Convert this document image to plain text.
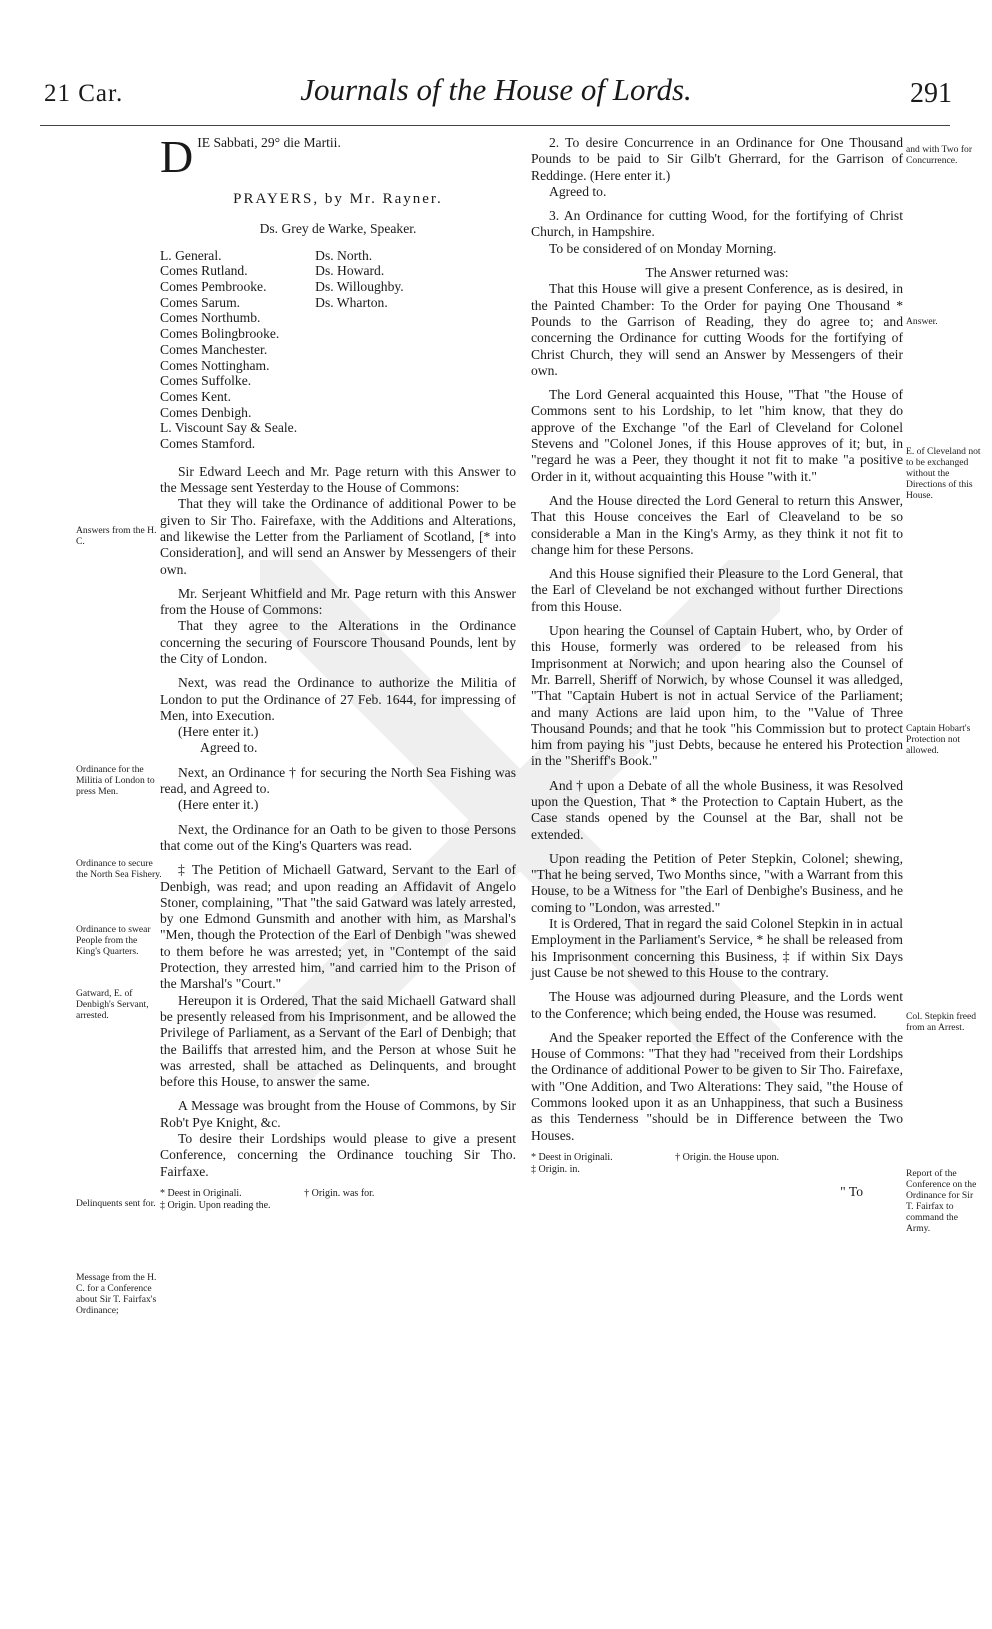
21 Car.	Journals of the House of Lords.	291
Answers from the H. C.
Ordinance for the Militia of London to press Men.
Ordinance to secure the North Sea Fishery.
Ordinance to swear People from the King's Quarters.
Gatward, E. of Denbigh's Servant, arrested.
Delinquents sent for.
Message from the H. C. for a Conference about Sir T. Fairfax's Ordinance;

D IE Sabbati, 29° die Martii.

PRAYERS, by Mr. Rayner.

Ds. Grey de Warke, Speaker.

L. General.
Comes Rutland.
Comes Pembrooke.
Comes Sarum.
Comes Northumb.
Comes Bolingbrooke.
Comes Manchester.
Comes Nottingham.
Comes Suffolke.
Comes Kent.
Comes Denbigh.
L. Viscount Say & Seale.
Comes Stamford.
Ds. North.
Ds. Howard.
Ds. Willoughby.
Ds. Wharton.

Sir Edward Leech and Mr. Page return with this Answer to the Message sent Yesterday to the House of Commons:

That they will take the Ordinance of additional Power to be given to Sir Tho. Fairefaxe, with the Additions and Alterations, and likewise the Letter from the Parliament of Scotland, [* into Consideration], and will send an Answer by Messengers of their own.

Mr. Serjeant Whitfield and Mr. Page return with this Answer from the House of Commons:

That they agree to the Alterations in the Ordinance concerning the securing of Fourscore Thousand Pounds, lent by the City of London.

Next, was read the Ordinance to authorize the Militia of London to put the Ordinance of 27 Feb. 1644, for impressing of Men, into Execution.

(Here enter it.)

Agreed to.

Next, an Ordinance † for securing the North Sea Fishing was read, and Agreed to.

(Here enter it.)

Next, the Ordinance for an Oath to be given to those Persons that come out of the King's Quarters was read.

‡ The Petition of Michaell Gatward, Servant to the Earl of Denbigh, was read; and upon reading an Affidavit of Angelo Stoner, complaining, "That "the said Gatward was lately arrested, by one Edmond Gunsmith and another with him, as Marshal's "Men, though the Protection of the Earl of Denbigh "was shewed to them before he was arrested; yet, in "Contempt of the said Protection, they arrested him, "and carried him to the Prison of the Marshal's "Court."

Hereupon it is Ordered, That the said Michaell Gatward shall be presently released from his Imprisonment, and be allowed the Privilege of Parliament, as a Servant of the Earl of Denbigh; that the Bailiffs that arrested him, and the Person at whose Suit he was arrested, shall be attached as Delinquents, and brought before this House, to answer the same.

A Message was brought from the House of Commons, by Sir Rob't Pye Knight, &c.

To desire their Lordships would please to give a present Conference, concerning the Ordinance touching Sir Tho. Fairfaxe.

* Deest in Originali.	† Origin. was for.
‡ Origin. Upon reading the.

2. To desire Concurrence in an Ordinance for One Thousand Pounds to be paid to Sir Gilb't Gherrard, for the Garrison of Reddinge. (Here enter it.)

Agreed to.

3. An Ordinance for cutting Wood, for the fortifying of Christ Church, in Hampshire.

To be considered of on Monday Morning.

The Answer returned was:

That this House will give a present Conference, as is desired, in the Painted Chamber: To the Order for paying One Thousand * Pounds to the Garrison of Reading, they do agree to; and concerning the Ordinance for cutting Woods for the fortifying of Christ Church, they will send an Answer by Messengers of their own.

The Lord General acquainted this House, "That "the House of Commons sent to his Lordship, to let "him know, that they do approve of the Exchange "of the Earl of Cleveland for Colonel Stevens and "Colonel Jones, if this House approves of it; but, in "regard he was a Peer, they thought it not fit to make "a positive Order in it, without acquainting this House "with it."

And the House directed the Lord General to return this Answer, That this House conceives the Earl of Cleaveland to be so considerable a Man in the King's Army, as they think it not fit to change him for these Persons.

And this House signified their Pleasure to the Lord General, that the Earl of Cleveland be not exchanged without further Directions from this House.

Upon hearing the Counsel of Captain Hubert, who, by Order of this House, formerly was ordered to be released from his Imprisonment at Norwich; and upon hearing also the Counsel of Mr. Barrell, Sheriff of Norwich, by whose Counsel it was alledged, "That "Captain Hubert is not in actual Service of the Parliament; and many Actions are laid upon him, to the "Value of Three Thousand Pounds; and that he took "his Commission but to protect him from paying his "just Debts, because he entered his Protection in the "Sheriff's Book."

And † upon a Debate of all the whole Business, it was Resolved upon the Question, That * the Protection to Captain Hubert, as the Case stands opened by the Counsel at the Bar, shall not be extended.

Upon reading the Petition of Peter Stepkin, Colonel; shewing, "That he being served, Two Months since, "with a Warrant from this House, to be a Witness for "the Earl of Denbighe's Business, and he coming to "London, was arrested."

It is Ordered, That in regard the said Colonel Stepkin in in actual Employment in the Parliament's Service, * he shall be released from his Imprisonment concerning this Business, ‡ if within Six Days just Cause be not shewed to this House to the contrary.

The House was adjourned during Pleasure, and the Lords went to the Conference; which being ended, the House was resumed.

And the Speaker reported the Effect of the Conference with the House of Commons: "That they had "received from their Lordships the Ordinance of additional Power to be given to Sir Tho. Fairefaxe, with "One Addition, and Two Alterations: They said, "the House of Commons looked upon it as an Unhappiness, that such a Business as this Tenderness "should be in Difference between the Two Houses.

* Deest in Originali.	† Origin. the House upon.
‡ Origin. in.
" To
and with Two for Concurrence.
Answer.
E. of Cleveland not to be exchanged without the Directions of this House.
Captain Hobart's Protection not allowed.
Col. Stepkin freed from an Arrest.
Report of the Conference on the Ordinance for Sir T. Fairfax to command the Army.
